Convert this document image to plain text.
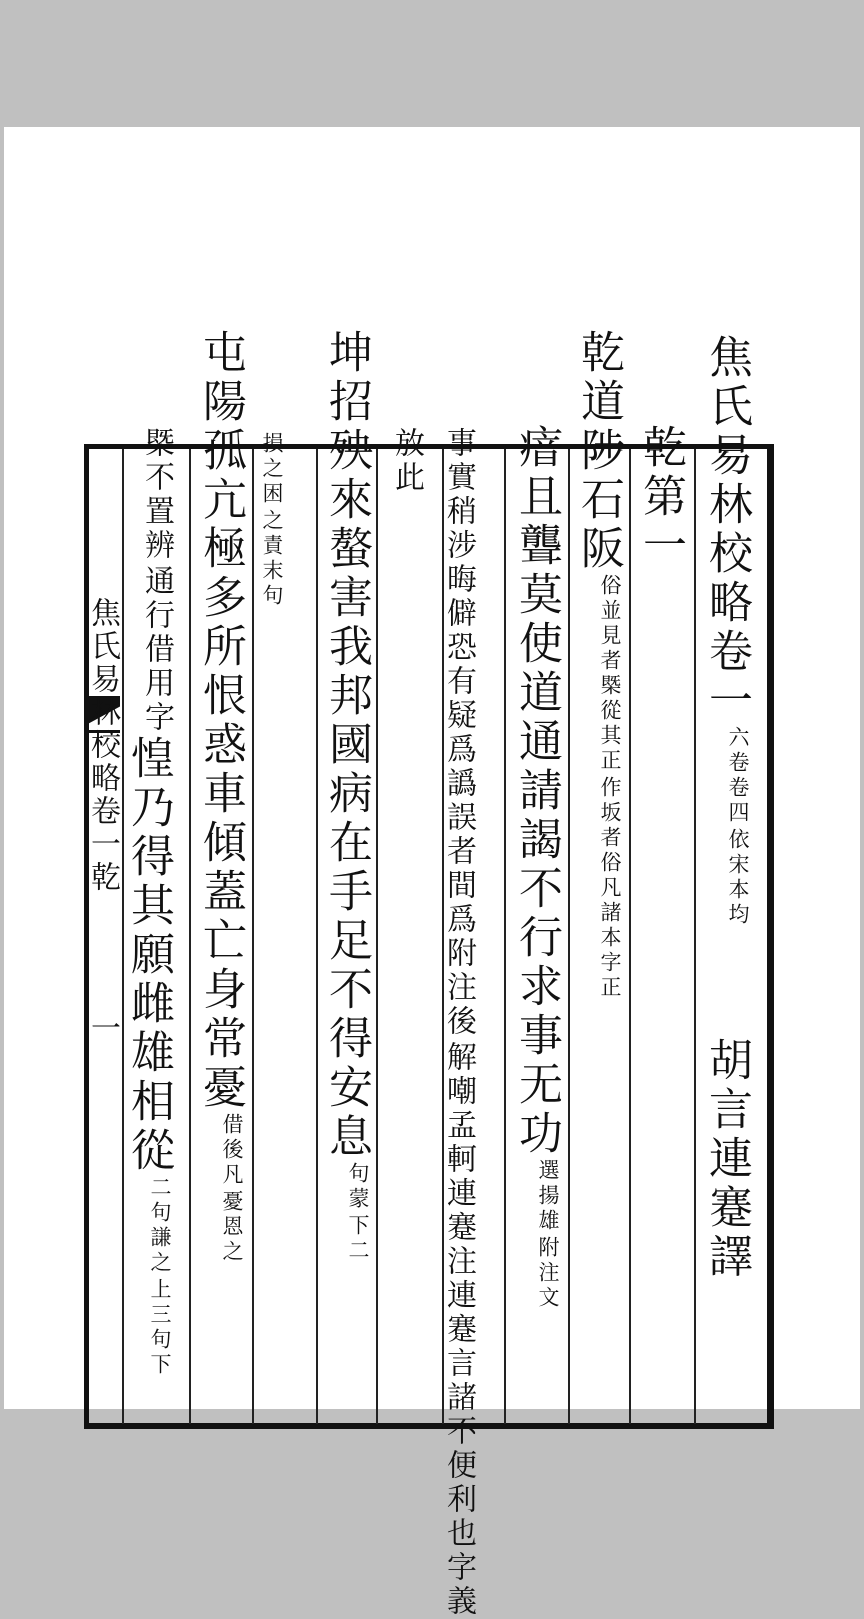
焦氏易林校略卷一
依宋本均
六卷卷四
胡言連蹇譯
乾第一
乾道陟石阪
作坂者俗凡諸本字正
俗並見者槩從其正
瘖且聾莫使道通請謁不行求事无功
附注文
選揚雄
解嘲孟軻連蹇注連蹇言諸不便利也字義
事實稍涉晦僻恐有疑爲譌誤者間爲附注後
放此
坤招殃來螯害我邦國病在手足不得安息
下二
句蒙
之責末句
損之困
屯陽孤亢極多所恨惑車傾蓋亡身常憂
憂恩之
借後凡
通行借用字
槩不置辨
惶乃得其願雌雄相從
上三句下
二句謙之
焦氏易林校略卷一乾
一
